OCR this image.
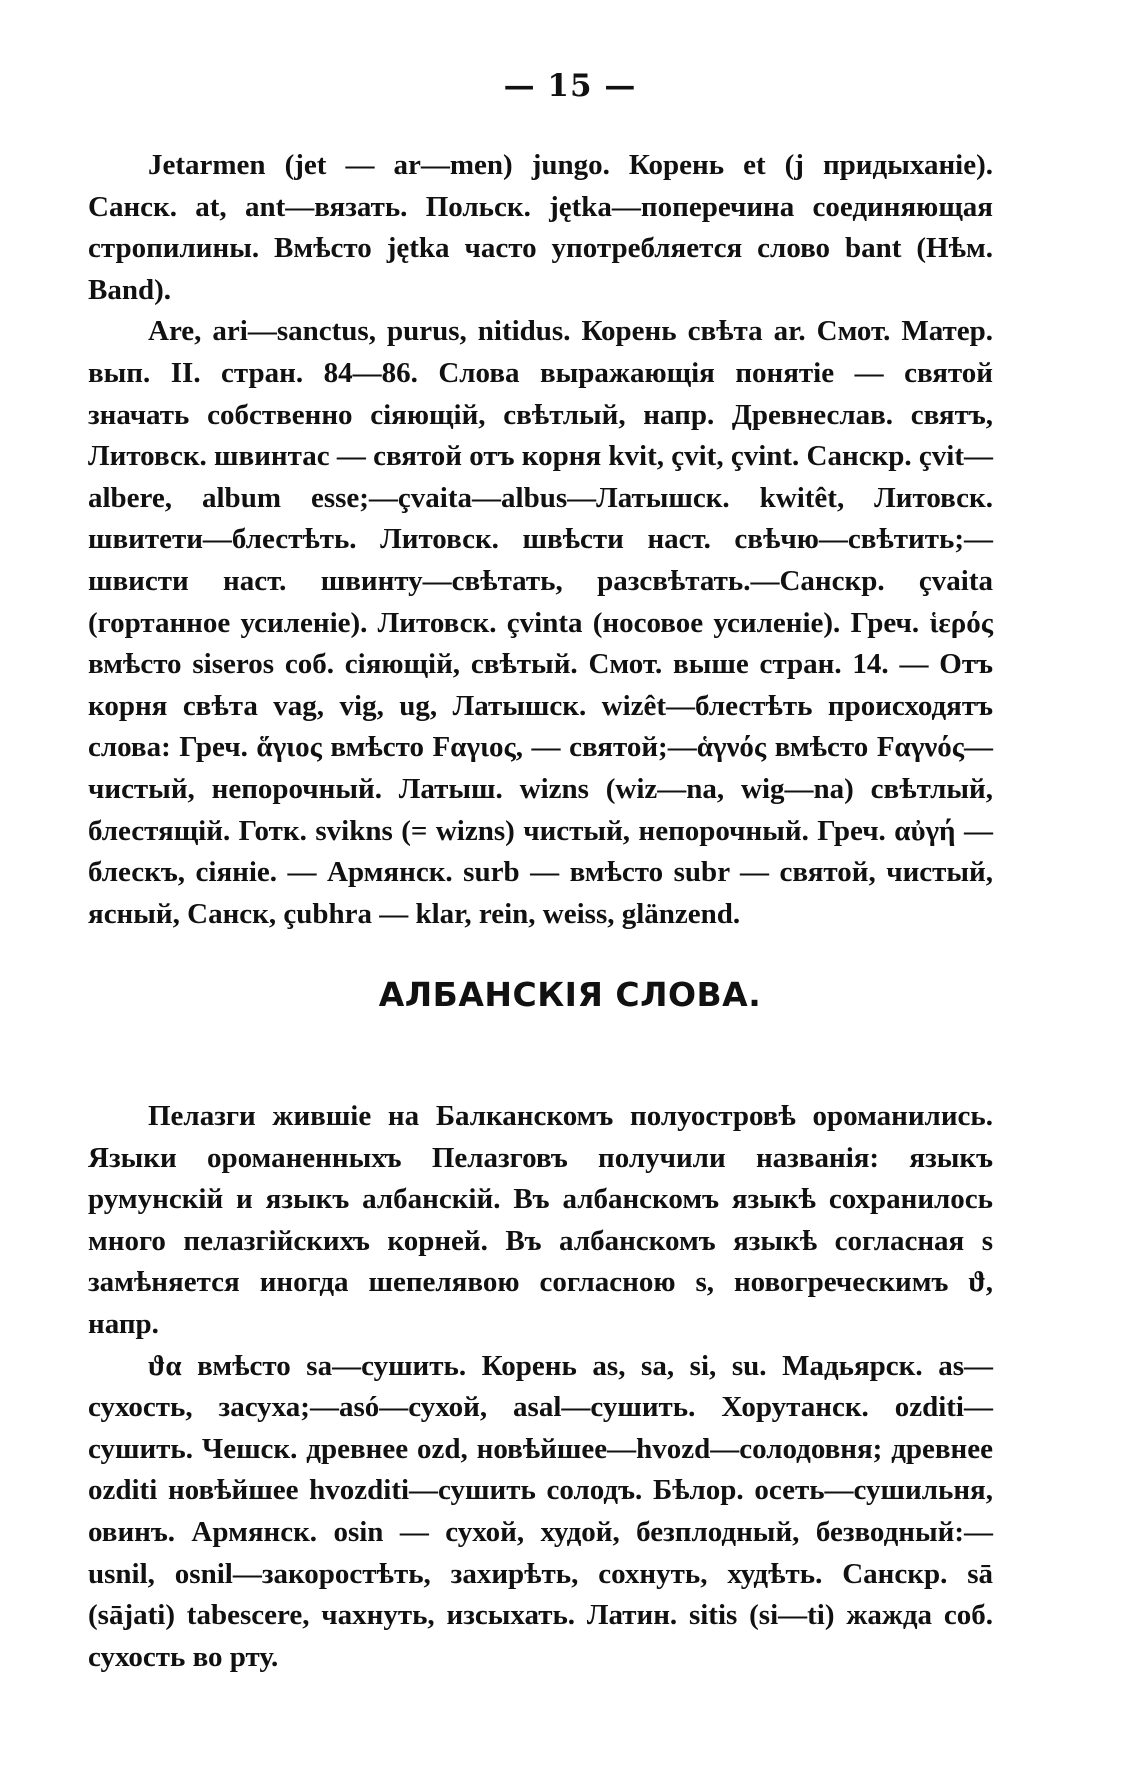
— 15 —

Jetarmen (jet — ar—men) jungo. Корень et (j придыханіе). Санск. at, ant—вязать. Польск. jętka—поперечина соединяющая стропилины. Вмѣсто jętka часто употребляется слово bant (Нѣм. Band).

Are, ari—sanctus, purus, nitidus. Корень свѣта ar. Смот. Матер. вып. II. стран. 84—86. Слова выражающія понятіе — святой значать собственно сіяющій, свѣтлый, напр. Древнеслав. святъ, Литовск. швинтас — святой отъ корня kvit, çvit, çvint. Санскр. çvit—albere, album esse;—çvaita—albus—Латышск. kwitêt, Литовск. швитети—блестѣть. Литовск. швѣсти наст. свѣчю—свѣтить;—швисти наст. швинту—свѣтать, разсвѣтать.—Санскр. çvaita (гортанное усиленіе). Литовск. çvinta (носовое усиленіе). Греч. ἱερός вмѣсто siseros соб. сіяющій, свѣтый. Смот. выше стран. 14. — Отъ корня свѣта vag, vig, ug, Латышск. wizêt—блестѣть происходятъ слова: Греч. ἅγιος вмѣсто Fαγιος, — святой;—ἁγνός вмѣсто Fαγνός—чистый, непорочный. Латыш. wizns (wiz—na, wig—na) свѣтлый, блестящій. Готк. sviknѕ (= wizns) чистый, непорочный. Греч. αὐγή — блескъ, сіяніе. — Армянск. surb — вмѣсто subr — святой, чистый, ясный, Санск, çubhra — klar, rein, weiss, glänzend.

АЛБАНСКІЯ СЛОВА.

Пелазги жившіе на Балканскомъ полуостровѣ ороманились. Языки ороманенныхъ Пелазговъ получили названія: языкъ румунскій и языкъ албанскій. Въ албанскомъ языкѣ сохранилось много пелазгійскихъ корней. Въ албанскомъ языкѣ согласная s замѣняется иногда шепелявою согласною s, новогреческимъ ϑ, напр.

ϑα вмѣсто sa—сушить. Корень as, sa, si, su. Мадьярск. as—сухость, засуха;—asó—сухой, asal—сушить. Хорутанск. ozditi—сушить. Чешск. древнее ozd, новѣйшее—hvozd—солодовня; древнее ozditi новѣйшее hvozditi—сушить солодъ. Бѣлор. осеть—сушильня, овинъ. Армянск. osin — сухой, худой, безплодный, безводный:—usnil, osnil—закоростѣть, захирѣть, сохнуть, худѣть. Санскр. sā (sājati) tabescere, чахнуть, изсыхать. Латин. sitis (si—ti) жажда соб. сухость во рту.
